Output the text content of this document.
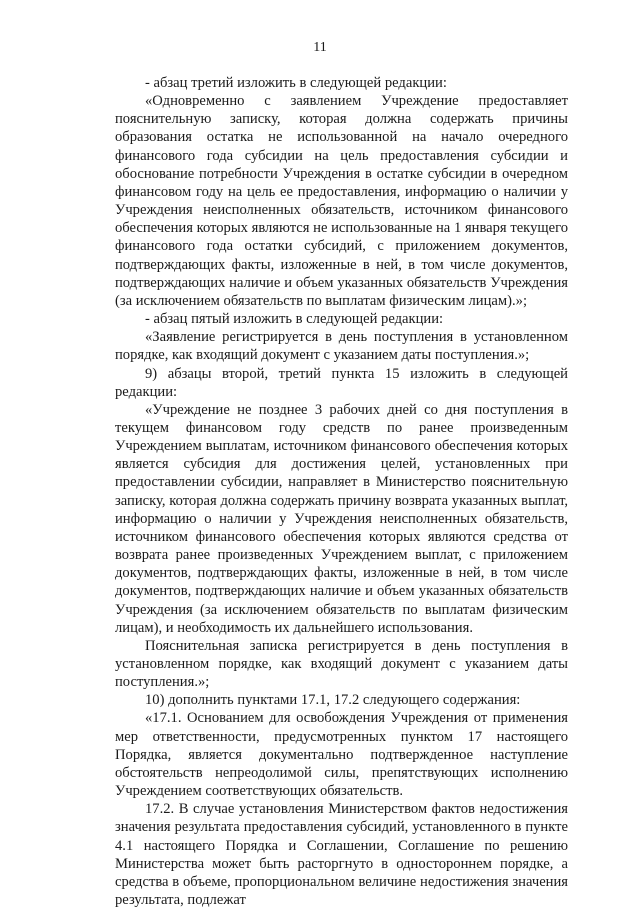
11

- абзац третий изложить в следующей редакции:

«Одновременно с заявлением Учреждение предоставляет пояснительную записку, которая должна содержать причины образования остатка не использованной на начало очередного финансового года субсидии на цель предоставления субсидии и обоснование потребности Учреждения в остатке субсидии в очередном финансовом году на цель ее предоставления, информацию о наличии у Учреждения неисполненных обязательств, источником финансового обеспечения которых являются не использованные на 1 января текущего финансового года остатки субсидий, с приложением документов, подтверждающих факты, изложенные в ней, в том числе документов, подтверждающих наличие и объем указанных обязательств Учреждения (за исключением обязательств по выплатам физическим лицам).»;

- абзац пятый изложить в следующей редакции:

«Заявление регистрируется в день поступления в установленном порядке, как входящий документ с указанием даты поступления.»;

9) абзацы второй, третий пункта 15 изложить в следующей редакции:

«Учреждение не позднее 3 рабочих дней со дня поступления в текущем финансовом году средств по ранее произведенным Учреждением выплатам, источником финансового обеспечения которых является субсидия для достижения целей, установленных при предоставлении субсидии, направляет в Министерство пояснительную записку, которая должна содержать причину возврата указанных выплат, информацию о наличии у Учреждения неисполненных обязательств, источником финансового обеспечения которых являются средства от возврата ранее произведенных Учреждением выплат, с приложением документов, подтверждающих факты, изложенные в ней, в том числе документов, подтверждающих наличие и объем указанных обязательств Учреждения (за исключением обязательств по выплатам физическим лицам), и необходимость их дальнейшего использования.

Пояснительная записка регистрируется в день поступления в установленном порядке, как входящий документ с указанием даты поступления.»;

10) дополнить пунктами 17.1, 17.2 следующего содержания:

«17.1. Основанием для освобождения Учреждения от применения мер ответственности, предусмотренных пунктом 17 настоящего Порядка, является документально подтвержденное наступление обстоятельств непреодолимой силы, препятствующих исполнению Учреждением соответствующих обязательств.

17.2. В случае установления Министерством фактов недостижения значения результата предоставления субсидий, установленного в пункте 4.1 настоящего Порядка и Соглашении, Соглашение по решению Министерства может быть расторгнуто в одностороннем порядке, а средства в объеме, пропорциональном величине недостижения значения результата, подлежат
